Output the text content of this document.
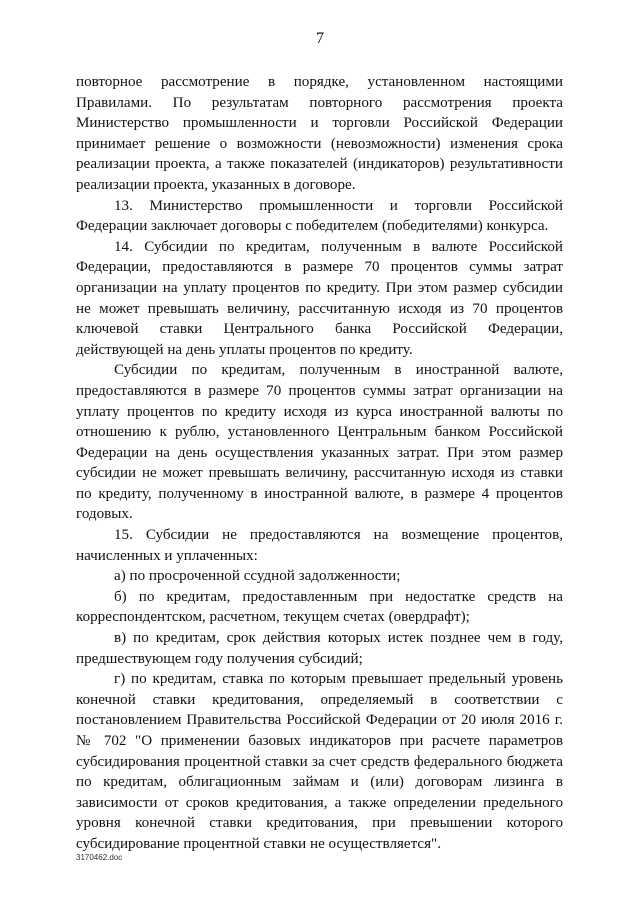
7

повторное рассмотрение в порядке, установленном настоящими Правилами. По результатам повторного рассмотрения проекта Министерство промышленности и торговли Российской Федерации принимает решение о возможности (невозможности) изменения срока реализации проекта, а также показателей (индикаторов) результативности реализации проекта, указанных в договоре.

13. Министерство промышленности и торговли Российской Федерации заключает договоры с победителем (победителями) конкурса.

14. Субсидии по кредитам, полученным в валюте Российской Федерации, предоставляются в размере 70 процентов суммы затрат организации на уплату процентов по кредиту. При этом размер субсидии не может превышать величину, рассчитанную исходя из 70 процентов ключевой ставки Центрального банка Российской Федерации, действующей на день уплаты процентов по кредиту.

Субсидии по кредитам, полученным в иностранной валюте, предоставляются в размере 70 процентов суммы затрат организации на уплату процентов по кредиту исходя из курса иностранной валюты по отношению к рублю, установленного Центральным банком Российской Федерации на день осуществления указанных затрат. При этом размер субсидии не может превышать величину, рассчитанную исходя из ставки по кредиту, полученному в иностранной валюте, в размере 4 процентов годовых.

15. Субсидии не предоставляются на возмещение процентов, начисленных и уплаченных:

а) по просроченной ссудной задолженности;

б) по кредитам, предоставленным при недостатке средств на корреспондентском, расчетном, текущем счетах (овердрафт);

в) по кредитам, срок действия которых истек позднее чем в году, предшествующем году получения субсидий;

г) по кредитам, ставка по которым превышает предельный уровень конечной ставки кредитования, определяемый в соответствии с постановлением Правительства Российской Федерации от 20 июля 2016 г. № 702 "О применении базовых индикаторов при расчете параметров субсидирования процентной ставки за счет средств федерального бюджета по кредитам, облигационным займам и (или) договорам лизинга в зависимости от сроков кредитования, а также определении предельного уровня конечной ставки кредитования, при превышении которого субсидирование процентной ставки не осуществляется".

3170462.doc
